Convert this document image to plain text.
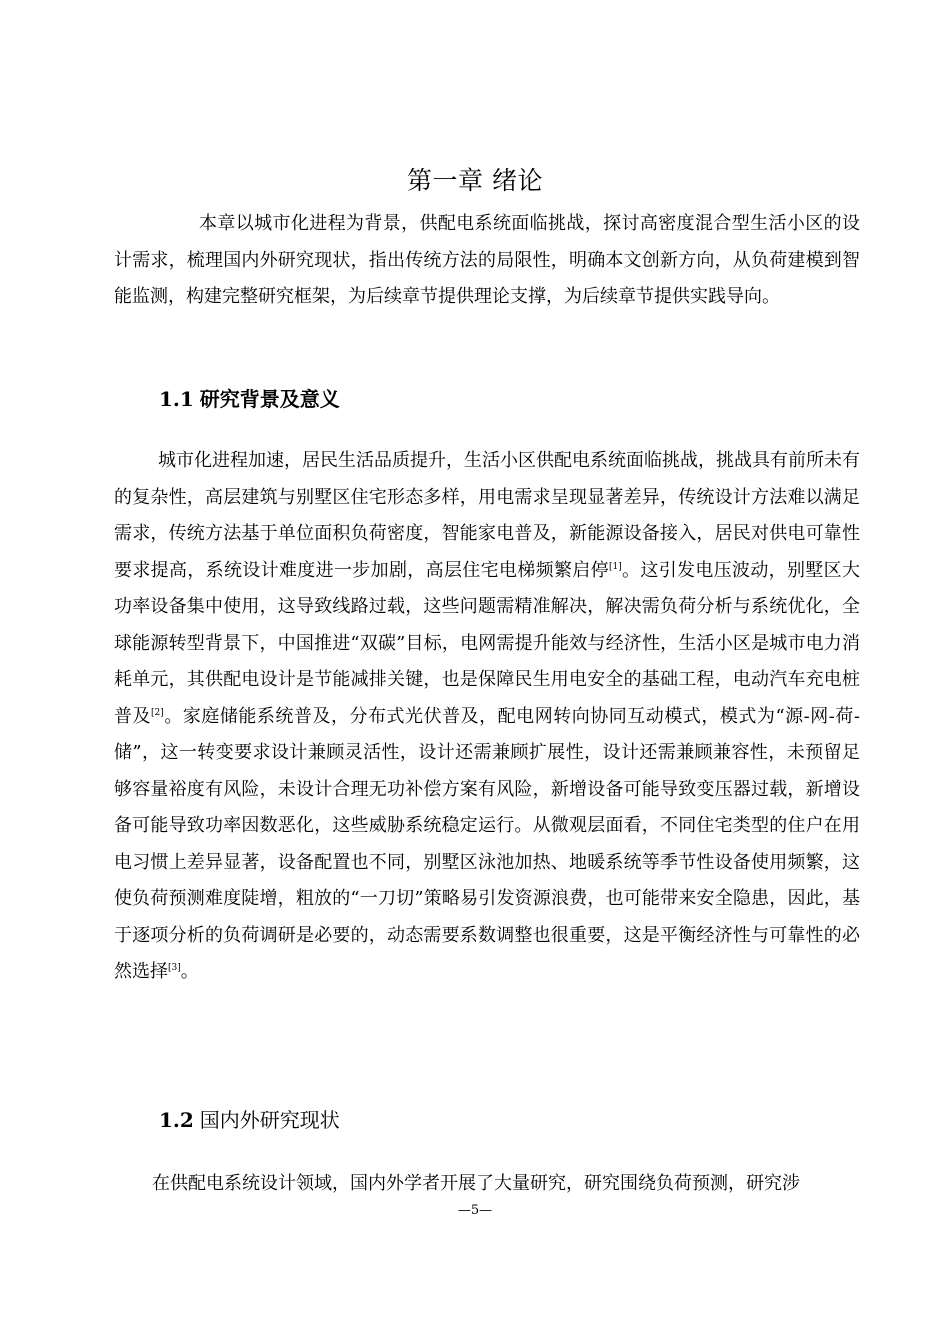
第一章 绪论

本章以城市化进程为背景，供配电系统面临挑战，探讨高密度混合型生活小区的设计需求，梳理国内外研究现状，指出传统方法的局限性，明确本文创新方向，从负荷建模到智能监测，构建完整研究框架，为后续章节提供理论支撑，为后续章节提供实践导向。

1.1 研究背景及意义

城市化进程加速，居民生活品质提升，生活小区供配电系统面临挑战，挑战具有前所未有的复杂性，高层建筑与别墅区住宅形态多样，用电需求呈现显著差异，传统设计方法难以满足需求，传统方法基于单位面积负荷密度，智能家电普及，新能源设备接入，居民对供电可靠性要求提高，系统设计难度进一步加剧，高层住宅电梯频繁启停[1]。这引发电压波动，别墅区大功率设备集中使用，这导致线路过载，这些问题需精准解决，解决需负荷分析与系统优化，全球能源转型背景下，中国推进“双碳”目标，电网需提升能效与经济性，生活小区是城市电力消耗单元，其供配电设计是节能减排关键，也是保障民生用电安全的基础工程，电动汽车充电桩普及[2]。家庭储能系统普及，分布式光伏普及，配电网转向协同互动模式，模式为“源-网-荷-储”，这一转变要求设计兼顾灵活性，设计还需兼顾扩展性，设计还需兼顾兼容性，未预留足够容量裕度有风险，未设计合理无功补偿方案有风险，新增设备可能导致变压器过载，新增设备可能导致功率因数恶化，这些威胁系统稳定运行。从微观层面看，不同住宅类型的住户在用电习惯上差异显著，设备配置也不同，别墅区泳池加热、地暖系统等季节性设备使用频繁，这使负荷预测难度陡增，粗放的“一刀切”策略易引发资源浪费，也可能带来安全隐患，因此，基于逐项分析的负荷调研是必要的，动态需要系数调整也很重要，这是平衡经济性与可靠性的必然选择[3]。

1.2 国内外研究现状

在供配电系统设计领域，国内外学者开展了大量研究，研究围绕负荷预测，研究涉

—5—
